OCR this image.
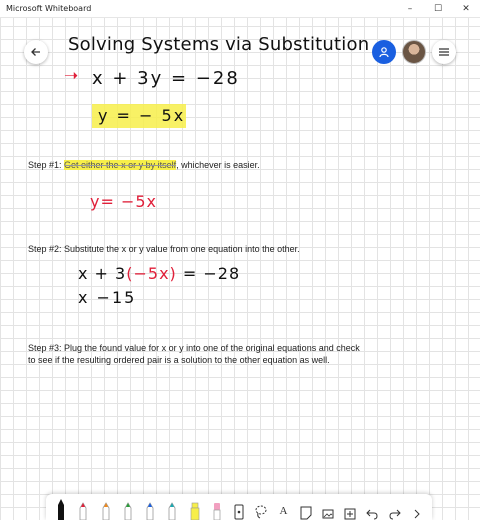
Microsoft Whiteboard	–	☐	✕
Solving Systems via Substitution
➝ x + 3y = −28
y = − 5x
Step #1: Get either the x or y by itself, whichever is easier.
y= −5x
Step #2: Substitute the x or y value from one equation into the other.
x + 3(−5x) = −28
x −15
Step #3: Plug the found value for x or y into one of the original equations and check
to see if the resulting ordered pair is a solution to the other equation as well.
A
